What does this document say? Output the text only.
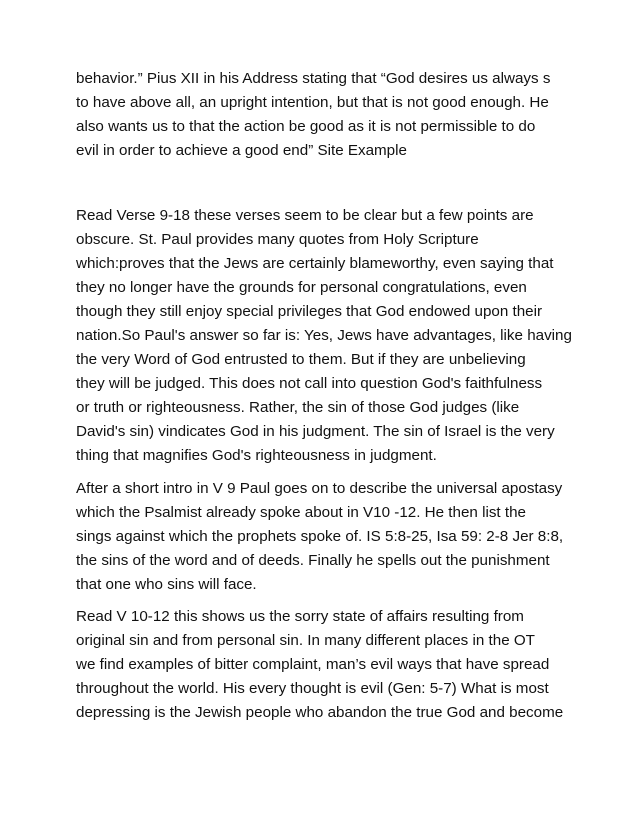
behavior.” Pius XII in his Address stating that “God desires us always s
to have above all, an upright intention, but that is not good enough. He
also wants us to that the action be good as it is not permissible to do
evil in order to achieve a good end” Site Example
Read Verse 9-18 these verses seem to be clear but a few points are
obscure. St. Paul provides many quotes from Holy Scripture
which:proves that the Jews are certainly blameworthy, even saying that
they no longer have the grounds for personal congratulations, even
though they still enjoy special privileges that God endowed upon their
nation.So Paul's answer so far is: Yes, Jews have advantages, like having
the very Word of God entrusted to them. But if they are unbelieving
they will be judged. This does not call into question God's faithfulness
or truth or righteousness. Rather, the sin of those God judges (like
David's sin) vindicates God in his judgment. The sin of Israel is the very
thing that magnifies God's righteousness in judgment.
After a short intro in V 9 Paul goes on to describe the universal apostasy
which the Psalmist already spoke about in V10 -12. He then list the
sings against which the prophets spoke of. IS 5:8-25, Isa 59: 2-8 Jer 8:8,
the sins of the word and of deeds. Finally he spells out the punishment
that one who sins will face.
Read V 10-12 this shows us the sorry state of affairs resulting from
original sin and from personal sin. In many different places in the OT
we find examples of bitter complaint, man’s evil ways that have spread
throughout the world. His every thought is evil (Gen: 5-7) What is most
depressing is the Jewish people who abandon the true God and become
